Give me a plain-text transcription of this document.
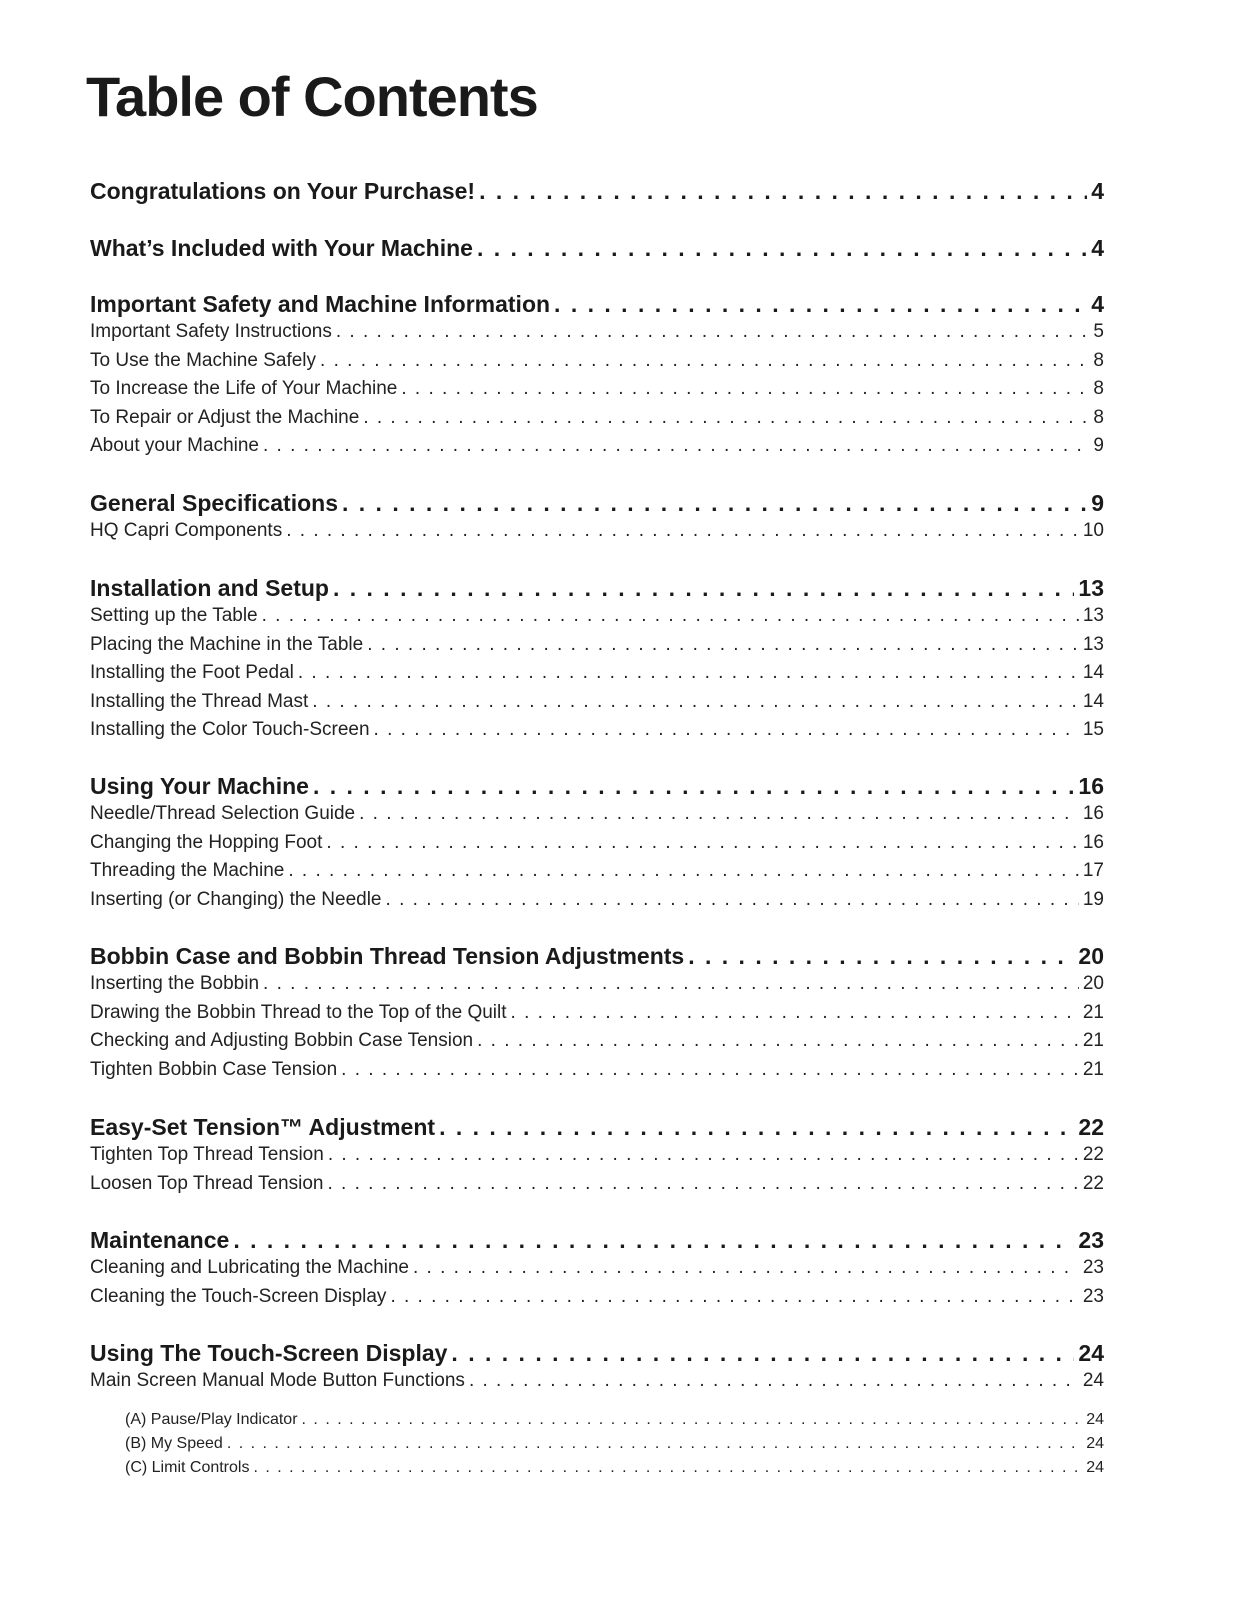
Table of Contents
Congratulations on Your Purchase! . . .	4
What’s Included with Your Machine . . .	4
Important Safety and Machine Information . . .	4
Important Safety Instructions . . .	5
To Use the Machine Safely . . .	8
To Increase the Life of Your Machine . . .	8
To Repair or Adjust the Machine . . .	8
About your Machine . . .	9
General Specifications . . .	9
HQ Capri Components . . .	10
Installation and Setup . . .	13
Setting up the Table . . .	13
Placing the Machine in the Table . . .	13
Installing the Foot Pedal . . .	14
Installing the Thread Mast . . .	14
Installing the Color Touch-Screen . . .	15
Using Your Machine . . .	16
Needle/Thread Selection Guide . . .	16
Changing the Hopping Foot . . .	16
Threading the Machine . . .	17
Inserting (or Changing) the Needle . . .	19
Bobbin Case and Bobbin Thread Tension Adjustments . . .	20
Inserting the Bobbin . . .	20
Drawing the Bobbin Thread to the Top of the Quilt . . .	21
Checking and Adjusting Bobbin Case Tension . . .	21
Tighten Bobbin Case Tension . . .	21
Easy-Set Tension™ Adjustment . . .	22
Tighten Top Thread Tension . . .	22
Loosen Top Thread Tension . . .	22
Maintenance . . .	23
Cleaning and Lubricating the Machine . . .	23
Cleaning the Touch-Screen Display . . .	23
Using The Touch-Screen Display . . .	24
Main Screen Manual Mode Button Functions . . .	24
(A) Pause/Play Indicator . . .	24
(B) My Speed . . .	24
(C) Limit Controls . . .	24
